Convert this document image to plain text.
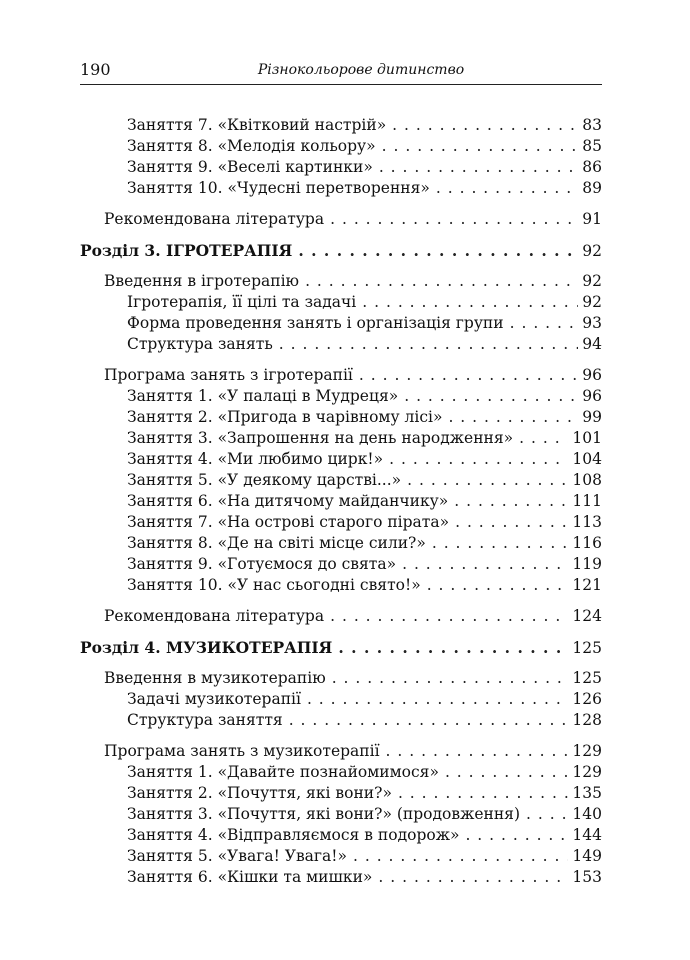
190	Різнокольорове дитинство
Заняття 7. «Квітковий настрій» . . .	83
Заняття 8. «Мелодія кольору» . . .	85
Заняття 9. «Веселі картинки» . . .	86
Заняття 10. «Чудесні перетворення» . . .	89
Рекомендована література . . .	91
Розділ 3. ІГРОТЕРАПІЯ . . .	92
Введення в ігротерапію . . .	92
Ігротерапія, її цілі та задачі . . .	92
Форма проведення занять і організація групи . . .	93
Структура занять . . .	94
Програма занять з ігротерапії . . .	96
Заняття 1. «У палаці в Мудреця» . . .	96
Заняття 2. «Пригода в чарівному лісі» . . .	99
Заняття 3. «Запрошення на день народження» . . .	101
Заняття 4. «Ми любимо цирк!» . . .	104
Заняття 5. «У деякому царстві...» . . .	108
Заняття 6. «На дитячому майданчику» . . .	111
Заняття 7. «На острові старого пірата» . . .	113
Заняття 8. «Де на світі місце сили?» . . .	116
Заняття 9. «Готуємося до свята» . . .	119
Заняття 10. «У нас сьогодні свято!» . . .	121
Рекомендована література . . .	124
Розділ 4. МУЗИКОТЕРАПІЯ . . .	125
Введення в музикотерапію . . .	125
Задачі музикотерапії . . .	126
Структура заняття . . .	128
Програма занять з музикотерапії . . .	129
Заняття 1. «Давайте познайомимося» . . .	129
Заняття 2. «Почуття, які вони?» . . .	135
Заняття 3. «Почуття, які вони?» (продовження) . . .	140
Заняття 4. «Відправляємося в подорож» . . .	144
Заняття 5. «Увага! Увага!» . . .	149
Заняття 6. «Кішки та мишки» . . .	153
